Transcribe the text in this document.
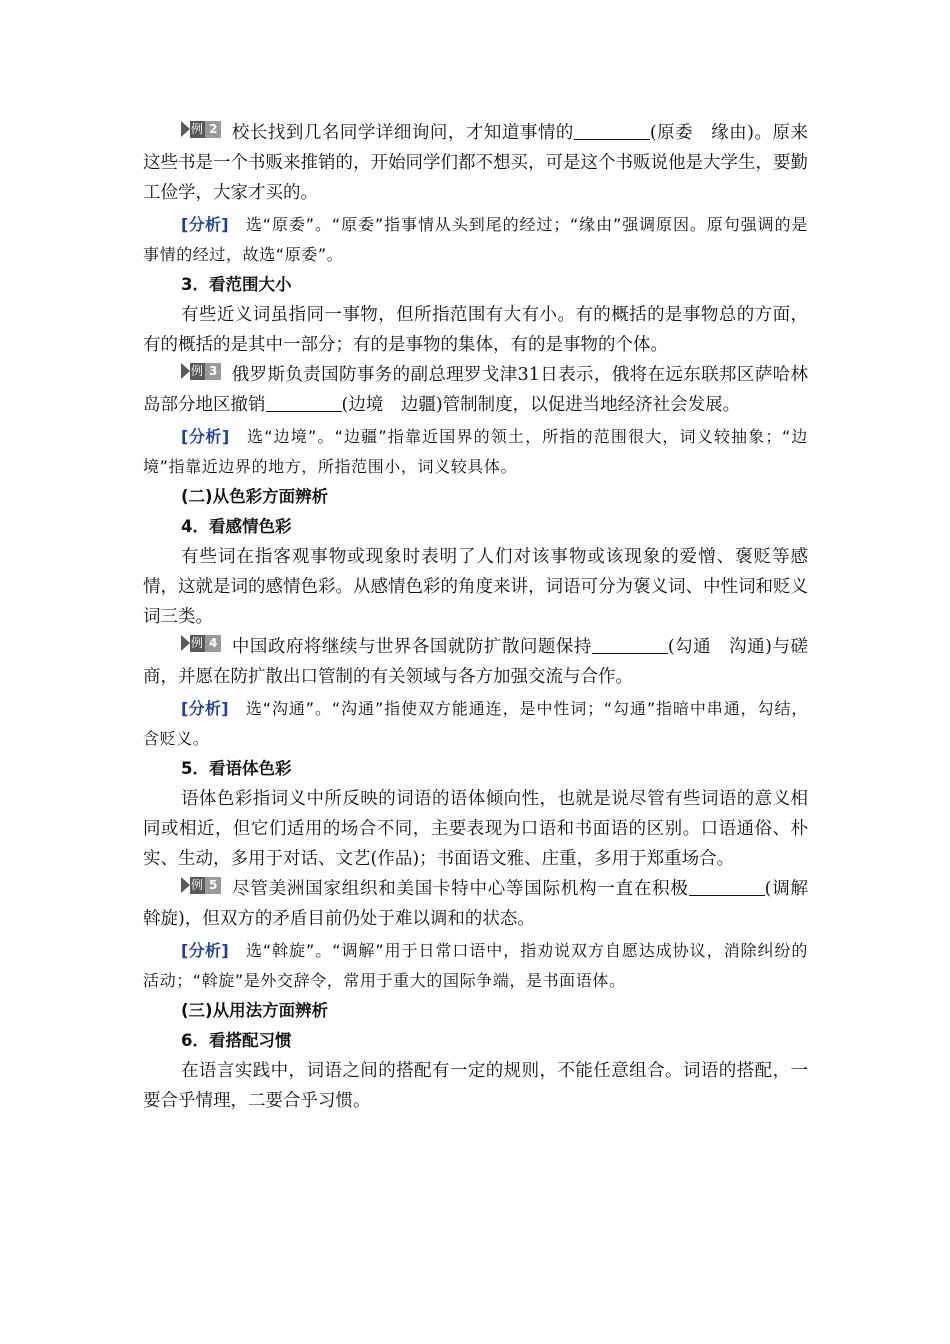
例 2 校长找到几名同学详细询问，才知道事情的	(原委　缘由)。原来这些书是一个书贩来推销的，开始同学们都不想买，可是这个书贩说他是大学生，要勤工俭学，大家才买的。

[分析]　选“原委”。“原委”指事情从头到尾的经过；“缘由”强调原因。原句强调的是事情的经过，故选“原委”。

3．看范围大小

有些近义词虽指同一事物，但所指范围有大有小。有的概括的是事物总的方面，有的概括的是其中一部分；有的是事物的集体，有的是事物的个体。

例 3 俄罗斯负责国防事务的副总理罗戈津31日表示，俄将在远东联邦区萨哈林岛部分地区撤销	(边境　边疆)管制制度，以促进当地经济社会发展。

[分析]　选“边境”。“边疆”指靠近国界的领土，所指的范围很大，词义较抽象；“边境”指靠近边界的地方，所指范围小，词义较具体。

(二)从色彩方面辨析

4．看感情色彩

有些词在指客观事物或现象时表明了人们对该事物或该现象的爱憎、褒贬等感情，这就是词的感情色彩。从感情色彩的角度来讲，词语可分为褒义词、中性词和贬义词三类。

例 4 中国政府将继续与世界各国就防扩散问题保持	(勾通　沟通)与磋商，并愿在防扩散出口管制的有关领域与各方加强交流与合作。

[分析]　选“沟通”。“沟通”指使双方能通连，是中性词；“勾通”指暗中串通，勾结，含贬义。

5．看语体色彩

语体色彩指词义中所反映的词语的语体倾向性，也就是说尽管有些词语的意义相同或相近，但它们适用的场合不同，主要表现为口语和书面语的区别。口语通俗、朴实、生动，多用于对话、文艺(作品)；书面语文雅、庄重，多用于郑重场合。

例 5 尽管美洲国家组织和美国卡特中心等国际机构一直在积极	(调解　斡旋)，但双方的矛盾目前仍处于难以调和的状态。

[分析]　选“斡旋”。“调解”用于日常口语中，指劝说双方自愿达成协议，消除纠纷的活动；“斡旋”是外交辞令，常用于重大的国际争端，是书面语体。

(三)从用法方面辨析

6．看搭配习惯

在语言实践中，词语之间的搭配有一定的规则，不能任意组合。词语的搭配，一要合乎情理，二要合乎习惯。
